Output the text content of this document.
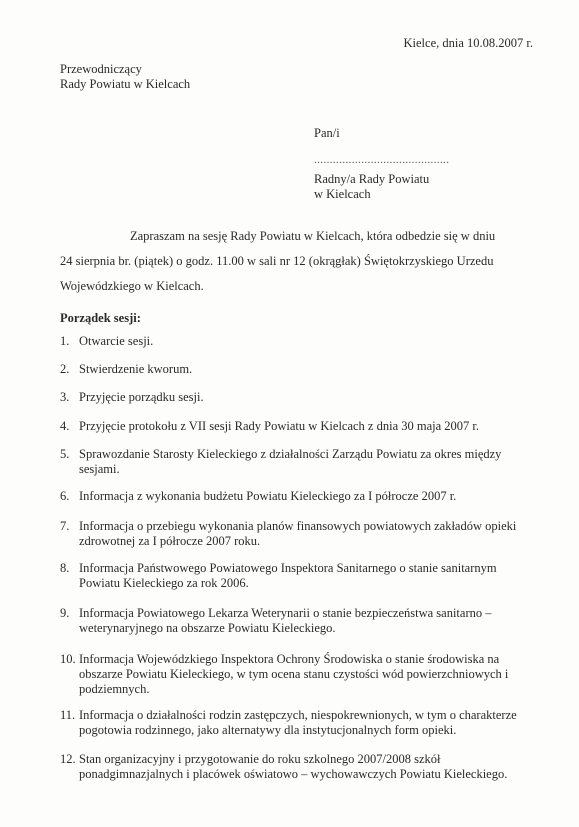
Kielce, dnia 10.08.2007 r.
Przewodniczący
Rady Powiatu w Kielcach
Pan/i
...........................................
Radny/a Rady Powiatu
w Kielcach
Zapraszam na sesję Rady Powiatu w Kielcach, która odbedzie się w dniu
24 sierpnia br. (piątek) o godz. 11.00 w sali nr 12 (okrągłak) Świętokrzyskiego Urzedu
Wojewódzkiego w Kielcach.
Porządek sesji:
1. Otwarcie sesji.
2. Stwierdzenie kworum.
3. Przyjęcie porządku sesji.
4. Przyjęcie protokołu z VII sesji Rady Powiatu w Kielcach z dnia 30 maja 2007 r.
5. Sprawozdanie Starosty Kieleckiego z działalności Zarządu Powiatu za okres między sesjami.
6. Informacja z wykonania budżetu Powiatu Kieleckiego za I półrocze 2007 r.
7. Informacja o przebiegu wykonania planów finansowych powiatowych zakładów opieki zdrowotnej za I półrocze 2007 roku.
8. Informacja Państwowego Powiatowego Inspektora Sanitarnego o stanie sanitarnym Powiatu Kieleckiego za rok 2006.
9. Informacja Powiatowego Lekarza Weterynarii o stanie bezpieczeństwa sanitarno – weterynaryjnego na obszarze Powiatu Kieleckiego.
10. Informacja Wojewódzkiego Inspektora Ochrony Środowiska o stanie środowiska na obszarze Powiatu Kieleckiego, w tym ocena stanu czystości wód powierzchniowych i podziemnych.
11. Informacja o działalności rodzin zastępczych, niespokrewnionych, w tym o charakterze pogotowia rodzinnego, jako alternatywy dla instytucjonalnych form opieki.
12. Stan organizacyjny i przygotowanie do roku szkolnego 2007/2008 szkół ponadgimnazjalnych i placówek oświatowo – wychowawczych Powiatu Kieleckiego.
